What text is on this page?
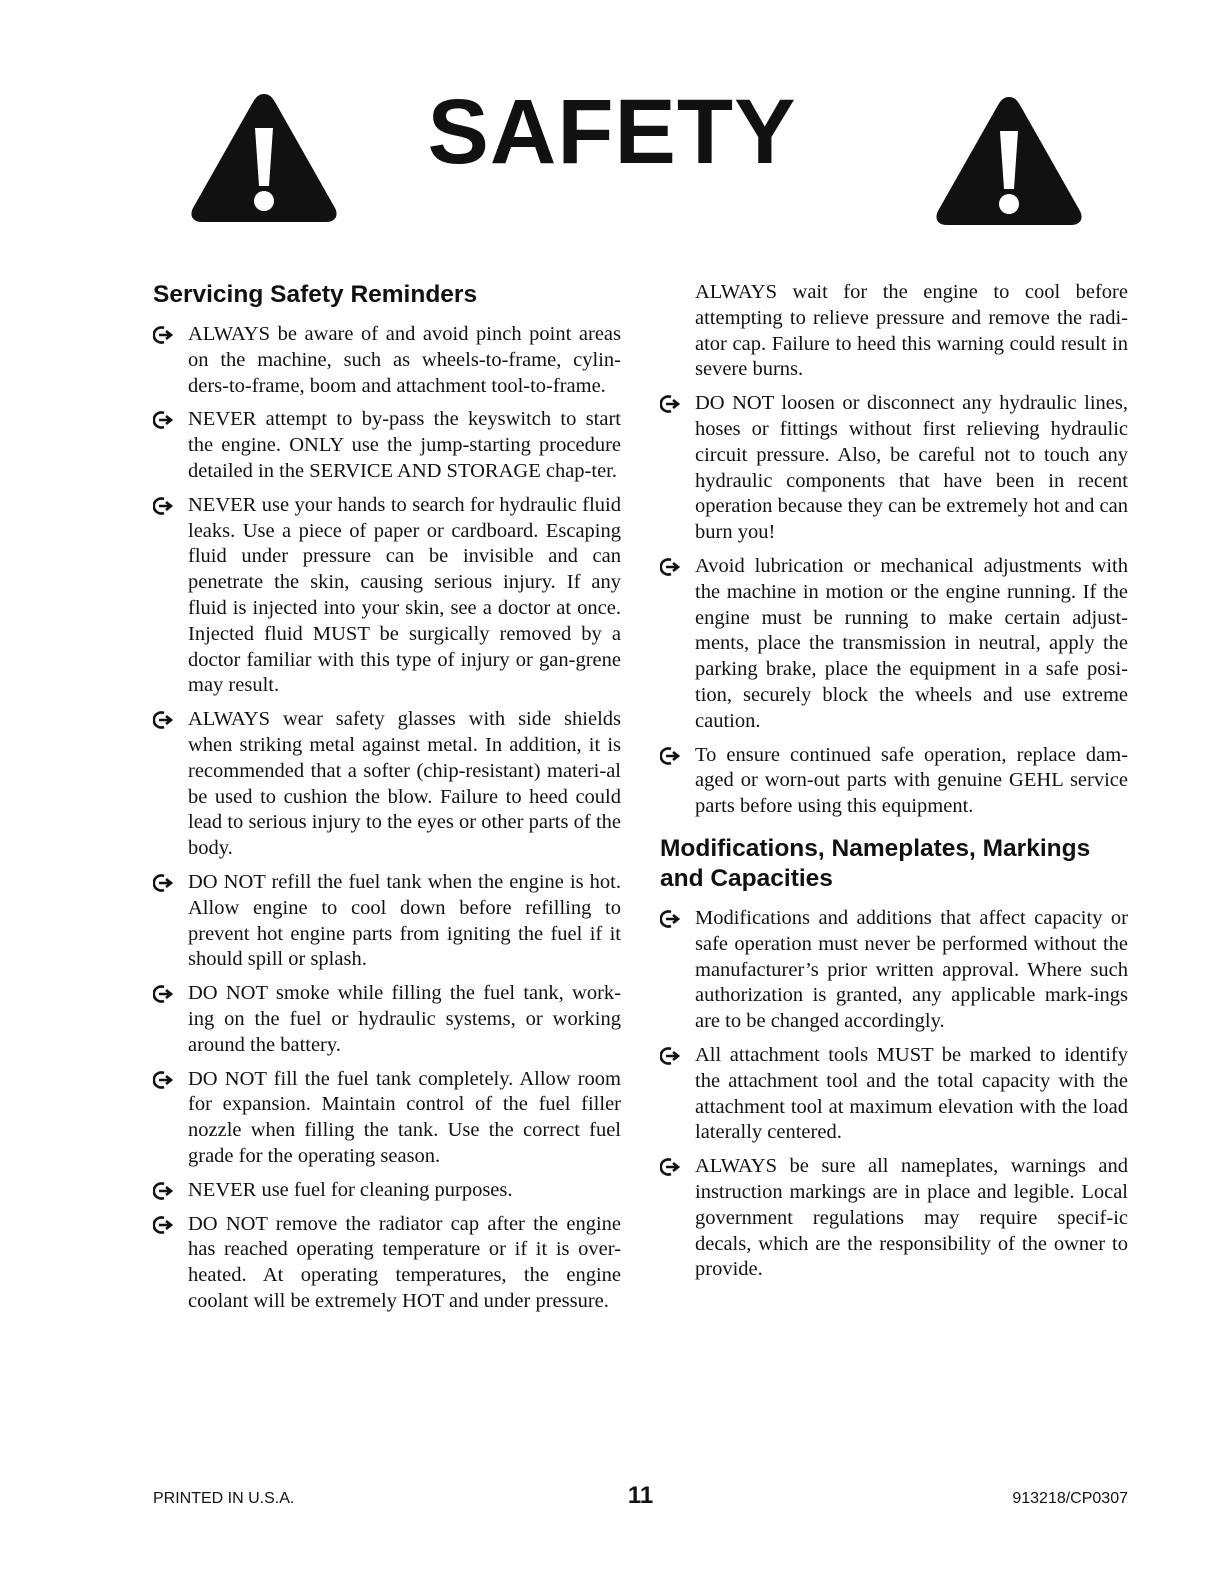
SAFETY
Servicing Safety Reminders
ALWAYS be aware of and avoid pinch point areas on the machine, such as wheels-to-frame, cylin-ders-to-frame, boom and attachment tool-to-frame.
NEVER attempt to by-pass the keyswitch to start the engine. ONLY use the jump-starting procedure detailed in the SERVICE AND STORAGE chap-ter.
NEVER use your hands to search for hydraulic fluid leaks. Use a piece of paper or cardboard. Escaping fluid under pressure can be invisible and can penetrate the skin, causing serious injury. If any fluid is injected into your skin, see a doctor at once. Injected fluid MUST be surgically removed by a doctor familiar with this type of injury or gan-grene may result.
ALWAYS wear safety glasses with side shields when striking metal against metal. In addition, it is recommended that a softer (chip-resistant) materi-al be used to cushion the blow. Failure to heed could lead to serious injury to the eyes or other parts of the body.
DO NOT refill the fuel tank when the engine is hot. Allow engine to cool down before refilling to prevent hot engine parts from igniting the fuel if it should spill or splash.
DO NOT smoke while filling the fuel tank, work-ing on the fuel or hydraulic systems, or working around the battery.
DO NOT fill the fuel tank completely. Allow room for expansion. Maintain control of the fuel filler nozzle when filling the tank. Use the correct fuel grade for the operating season.
NEVER use fuel for cleaning purposes.
DO NOT remove the radiator cap after the engine has reached operating temperature or if it is over-heated. At operating temperatures, the engine coolant will be extremely HOT and under pressure.

ALWAYS wait for the engine to cool before attempting to relieve pressure and remove the radi-ator cap. Failure to heed this warning could result in severe burns.

DO NOT loosen or disconnect any hydraulic lines, hoses or fittings without first relieving hydraulic circuit pressure. Also, be careful not to touch any hydraulic components that have been in recent operation because they can be extremely hot and can burn you!
Avoid lubrication or mechanical adjustments with the machine in motion or the engine running. If the engine must be running to make certain adjust-ments, place the transmission in neutral, apply the parking brake, place the equipment in a safe posi-tion, securely block the wheels and use extreme caution.
To ensure continued safe operation, replace dam-aged or worn-out parts with genuine GEHL service parts before using this equipment.
Modifications, Nameplates, Markings and Capacities
Modifications and additions that affect capacity or safe operation must never be performed without the manufacturer’s prior written approval. Where such authorization is granted, any applicable mark-ings are to be changed accordingly.
All attachment tools MUST be marked to identify the attachment tool and the total capacity with the attachment tool at maximum elevation with the load laterally centered.
ALWAYS be sure all nameplates, warnings and instruction markings are in place and legible. Local government regulations may require specif-ic decals, which are the responsibility of the owner to provide.
PRINTED IN U.S.A.	11	913218/CP0307
